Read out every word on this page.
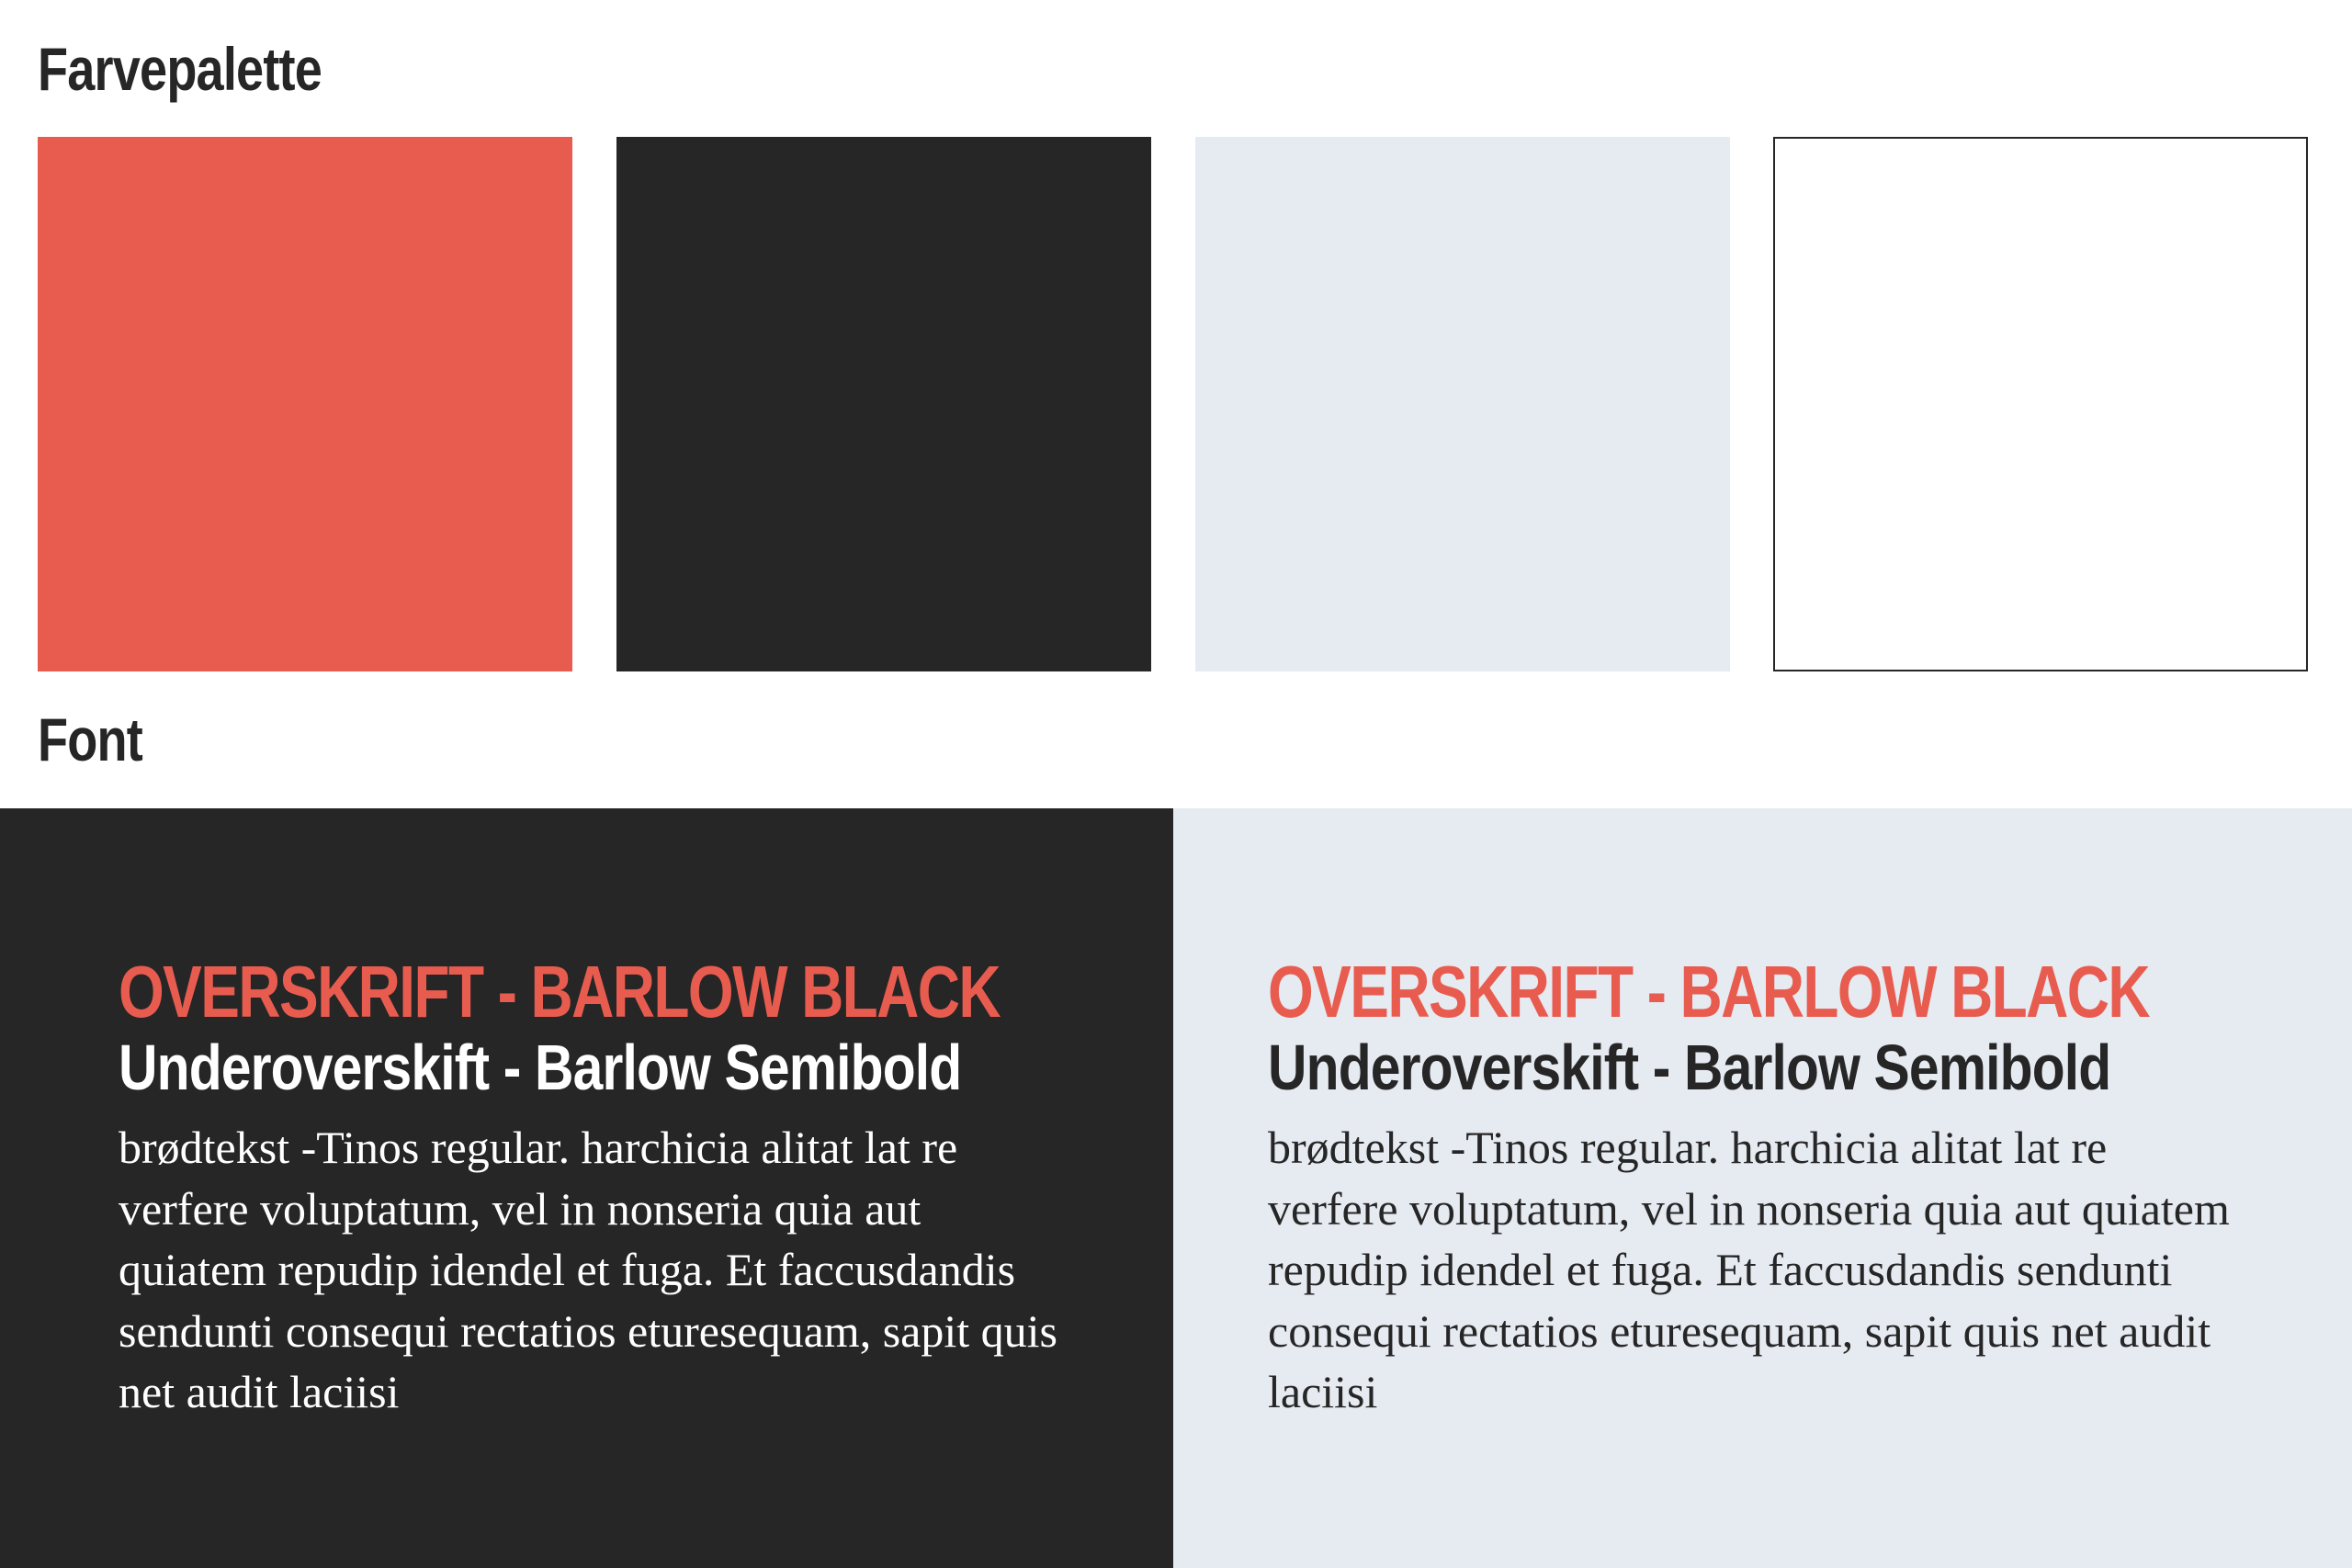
Farvepalette
Font
OVERSKRIFT - BARLOW BLACK
Underoverskift - Barlow Semibold

brødtekst -Tinos regular. harchicia alitat lat re verfere voluptatum, vel in nonseria quia aut quiatem repudip idendel et fuga. Et faccusdandis sendunti consequi rectatios eturesequam, sapit quis net audit laciisi

OVERSKRIFT - BARLOW BLACK
Underoverskift - Barlow Semibold

brødtekst -Tinos regular. harchicia alitat lat re verfere voluptatum, vel in nonseria quia aut quiatem repudip idendel et fuga. Et faccusdandis sendunti consequi rectatios eturesequam, sapit quis net audit laciisi
